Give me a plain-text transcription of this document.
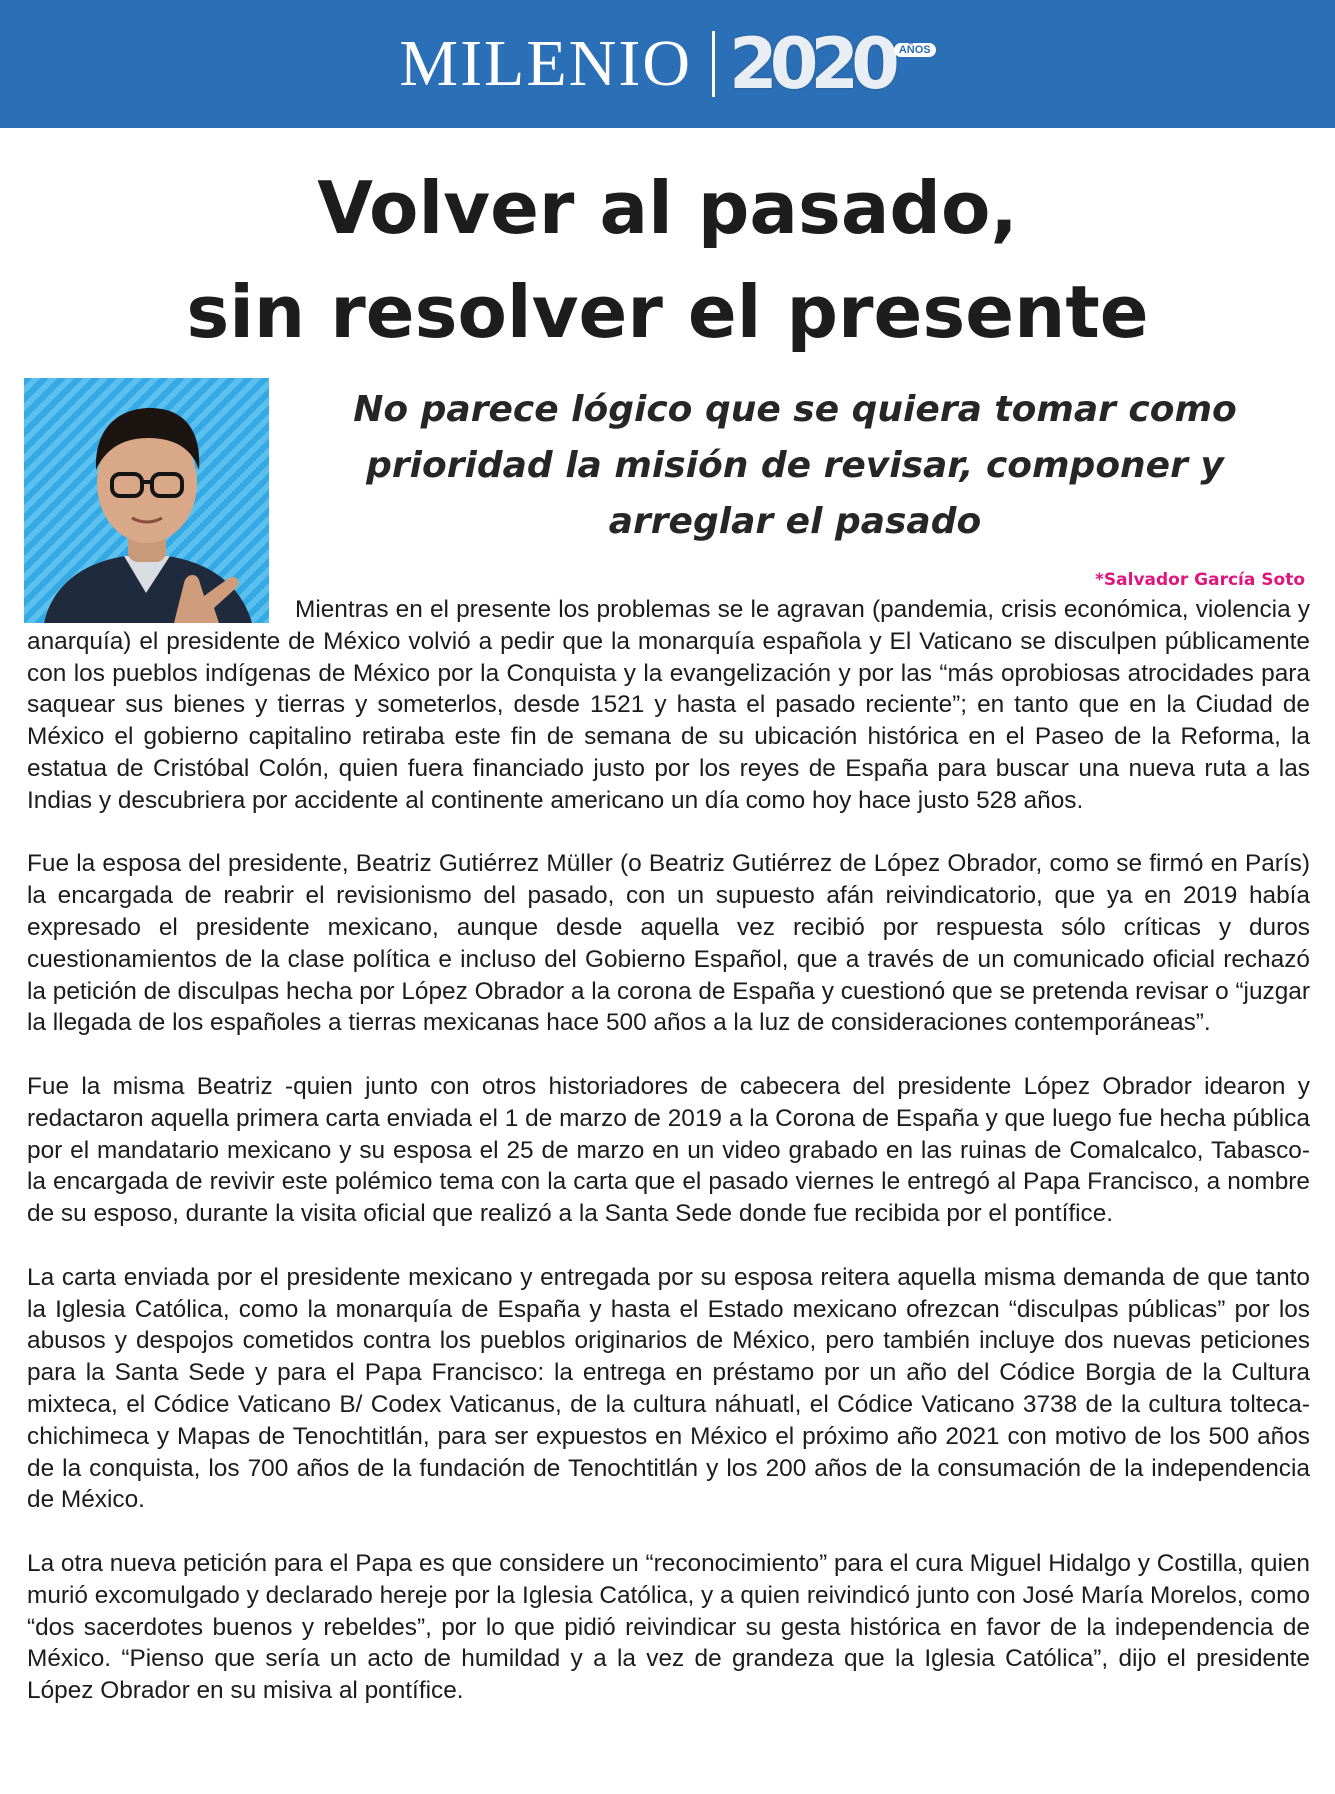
MILENIO 2020 AÑOS
Volver al pasado,
sin resolver el presente
No parece lógico que se quiera tomar como
prioridad la misión de revisar, componer y
arreglar el pasado
*Salvador García Soto

Mientras en el presente los problemas se le agravan (pandemia, crisis económica, violencia y anarquía) el presidente de México volvió a pedir que la monarquía española y El Vaticano se disculpen públicamente con los pueblos indígenas de México por la Conquista y la evangelización y por las “más oprobiosas atrocidades para saquear sus bienes y tierras y someterlos, desde 1521 y hasta el pasado reciente”; en tanto que en la Ciudad de México el gobierno capitalino retiraba este fin de semana de su ubicación histórica en el Paseo de la Reforma, la estatua de Cristóbal Colón, quien fuera financiado justo por los reyes de España para buscar una nueva ruta a las Indias y descubriera por accidente al continente americano un día como hoy hace justo 528 años.

Fue la esposa del presidente, Beatriz Gutiérrez Müller (o Beatriz Gutiérrez de López Obrador, como se firmó en París) la encargada de reabrir el revisionismo del pasado, con un supuesto afán reivindicatorio, que ya en 2019 había expresado el presidente mexicano, aunque desde aquella vez recibió por respuesta sólo críticas y duros cuestionamientos de la clase política e incluso del Gobierno Español, que a través de un comunicado oficial rechazó la petición de disculpas hecha por López Obrador a la corona de España y cuestionó que se pretenda revisar o “juzgar la llegada de los españoles a tierras mexicanas hace 500 años a la luz de consideraciones contemporáneas”.

Fue la misma Beatriz -quien junto con otros historiadores de cabecera del presidente López Obrador idearon y redactaron aquella primera carta enviada el 1 de marzo de 2019 a la Corona de España y que luego fue hecha pública por el mandatario mexicano y su esposa el 25 de marzo en un video grabado en las ruinas de Comalcalco, Tabasco- la encargada de revivir este polémico tema con la carta que el pasado viernes le entregó al Papa Francisco, a nombre de su esposo, durante la visita oficial que realizó a la Santa Sede donde fue recibida por el pontífice.

La carta enviada por el presidente mexicano y entregada por su esposa reitera aquella misma demanda de que tanto la Iglesia Católica, como la monarquía de España y hasta el Estado mexicano ofrezcan “disculpas públicas” por los abusos y despojos cometidos contra los pueblos originarios de México, pero también incluye dos nuevas peticiones para la Santa Sede y para el Papa Francisco: la entrega en préstamo por un año del Códice Borgia de la Cultura mixteca, el Códice Vaticano B/ Codex Vaticanus, de la cultura náhuatl, el Códice Vaticano 3738 de la cultura tolteca-chichimeca y Mapas de Tenochtitlán, para ser expuestos en México el próximo año 2021 con motivo de los 500 años de la conquista, los 700 años de la fundación de Tenochtitlán y los 200 años de la consumación de la independencia de México.

La otra nueva petición para el Papa es que considere un “reconocimiento” para el cura Miguel Hidalgo y Costilla, quien murió excomulgado y declarado hereje por la Iglesia Católica, y a quien reivindicó junto con José María Morelos, como “dos sacerdotes buenos y rebeldes”, por lo que pidió reivindicar su gesta histórica en favor de la independencia de México. “Pienso que sería un acto de humildad y a la vez de grandeza que la Iglesia Católica”, dijo el presidente López Obrador en su misiva al pontífice.
